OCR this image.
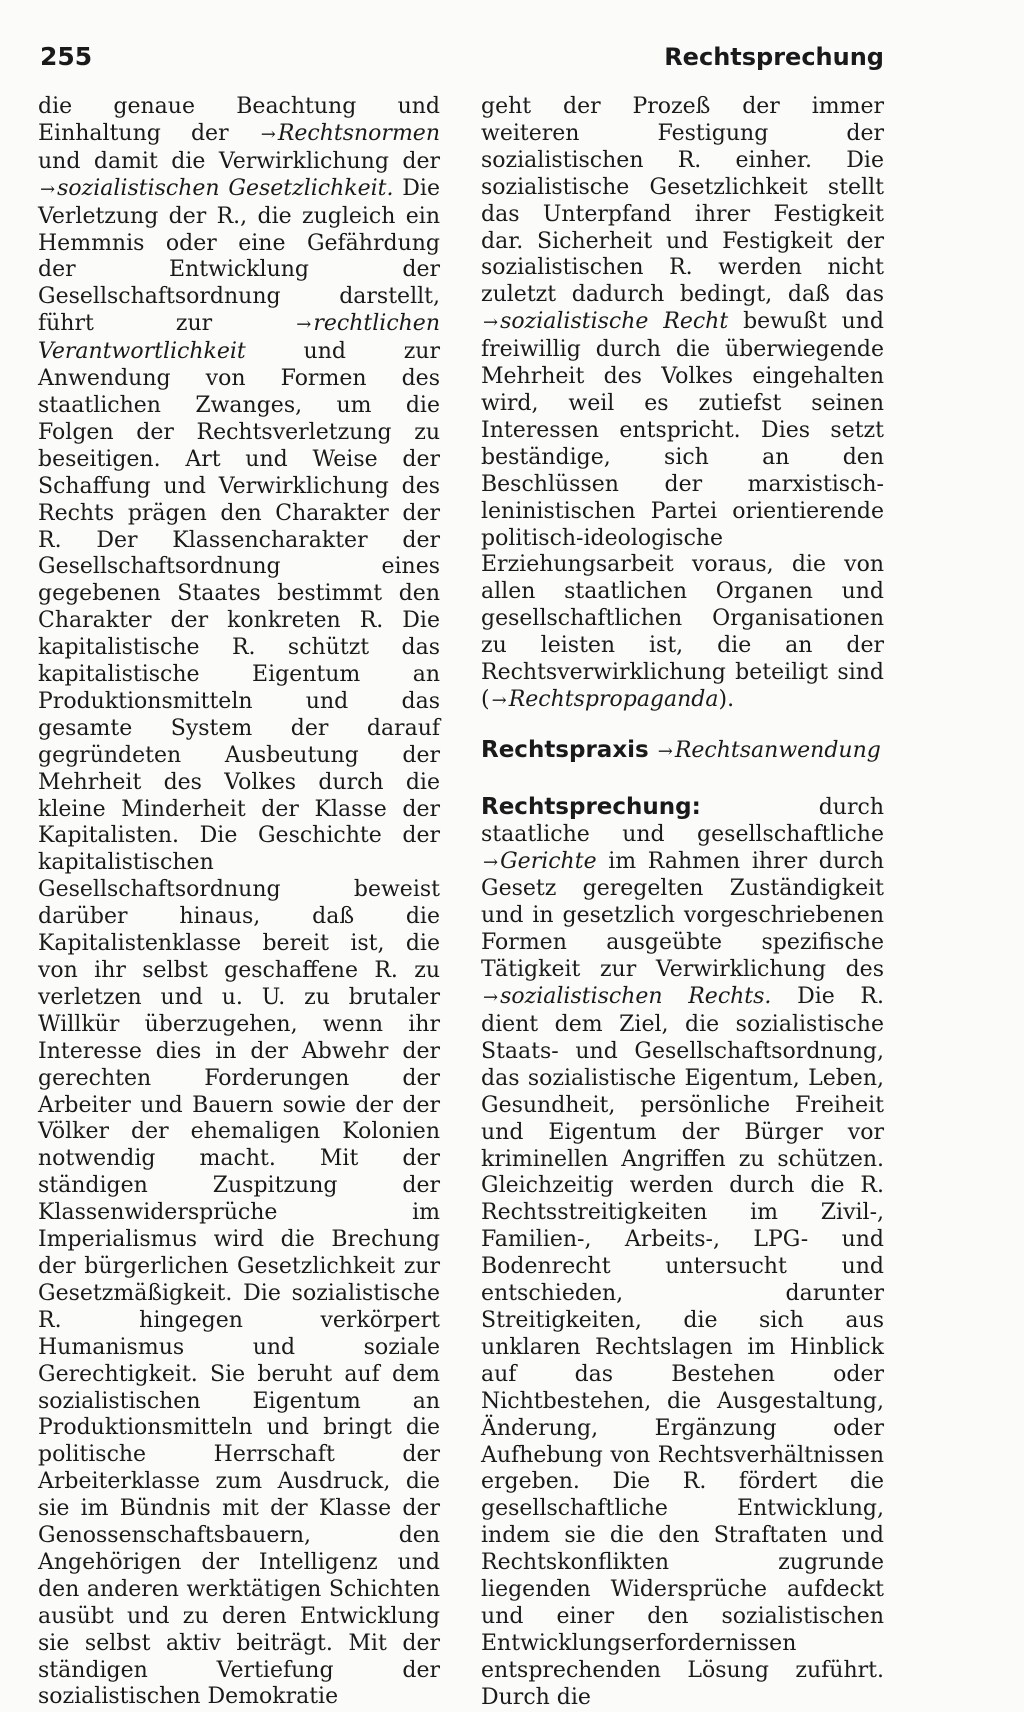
255	Rechtsprechung

die genaue Beachtung und Einhaltung der →Rechtsnormen und damit die Verwirklichung der →sozialistischen Gesetzlichkeit. Die Verletzung der R., die zugleich ein Hemmnis oder eine Gefährdung der Entwicklung der Gesellschaftsordnung darstellt, führt zur →rechtlichen Verantwortlichkeit und zur Anwendung von Formen des staatlichen Zwanges, um die Folgen der Rechtsverletzung zu beseitigen. Art und Weise der Schaffung und Verwirklichung des Rechts prägen den Charakter der R. Der Klassencharakter der Gesellschaftsordnung eines gegebenen Staates bestimmt den Charakter der konkreten R. Die kapitalistische R. schützt das kapitalistische Eigentum an Produktionsmitteln und das gesamte System der darauf gegründeten Ausbeutung der Mehrheit des Volkes durch die kleine Minderheit der Klasse der Kapitalisten. Die Geschichte der kapitalistischen Gesellschaftsordnung beweist darüber hinaus, daß die Kapitalistenklasse bereit ist, die von ihr selbst geschaffene R. zu verletzen und u. U. zu brutaler Willkür überzugehen, wenn ihr Interesse dies in der Abwehr der gerechten Forderungen der Arbeiter und Bauern sowie der der Völker der ehemaligen Kolonien notwendig macht. Mit der ständigen Zuspitzung der Klassenwidersprüche im Imperialismus wird die Brechung der bürgerlichen Gesetzlichkeit zur Gesetzmäßigkeit. Die sozialistische R. hingegen verkörpert Humanismus und soziale Gerechtigkeit. Sie beruht auf dem sozialistischen Eigentum an Produktionsmitteln und bringt die politische Herrschaft der Arbeiterklasse zum Ausdruck, die sie im Bündnis mit der Klasse der Genossenschaftsbauern, den Angehörigen der Intelligenz und den anderen werktätigen Schichten ausübt und zu deren Entwicklung sie selbst aktiv beiträgt. Mit der ständigen Vertiefung der sozialistischen Demokratie

geht der Prozeß der immer weiteren Festigung der sozialistischen R. einher. Die sozialistische Gesetzlichkeit stellt das Unterpfand ihrer Festigkeit dar. Sicherheit und Festigkeit der sozialistischen R. werden nicht zuletzt dadurch bedingt, daß das →sozialistische Recht bewußt und freiwillig durch die überwiegende Mehrheit des Volkes eingehalten wird, weil es zutiefst seinen Interessen entspricht. Dies setzt beständige, sich an den Beschlüssen der marxistisch-leninistischen Partei orientierende politisch-ideologische Erziehungsarbeit voraus, die von allen staatlichen Organen und gesellschaftlichen Organisationen zu leisten ist, die an der Rechtsverwirklichung beteiligt sind ( →Rechtspropaganda).

Rechtspraxis →Rechtsanwendung

Rechtsprechung: durch staatliche und gesellschaftliche →Gerichte im Rahmen ihrer durch Gesetz geregelten Zuständigkeit und in gesetzlich vorgeschriebenen Formen ausgeübte spezifische Tätigkeit zur Verwirklichung des →sozialistischen Rechts. Die R. dient dem Ziel, die sozialistische Staats- und Gesellschaftsordnung, das sozialistische Eigentum, Leben, Gesundheit, persönliche Freiheit und Eigentum der Bürger vor kriminellen Angriffen zu schützen. Gleichzeitig werden durch die R. Rechtsstreitigkeiten im Zivil-, Familien-, Arbeits-, LPG- und Bodenrecht untersucht und entschieden, darunter Streitigkeiten, die sich aus unklaren Rechtslagen im Hinblick auf das Bestehen oder Nichtbestehen, die Ausgestaltung, Änderung, Ergänzung oder Aufhebung von Rechtsverhältnissen ergeben. Die R. fördert die gesellschaftliche Entwicklung, indem sie die den Straftaten und Rechtskonflikten zugrunde liegenden Widersprüche aufdeckt und einer den sozialistischen Entwicklungserfordernissen entsprechenden Lösung zuführt. Durch die
